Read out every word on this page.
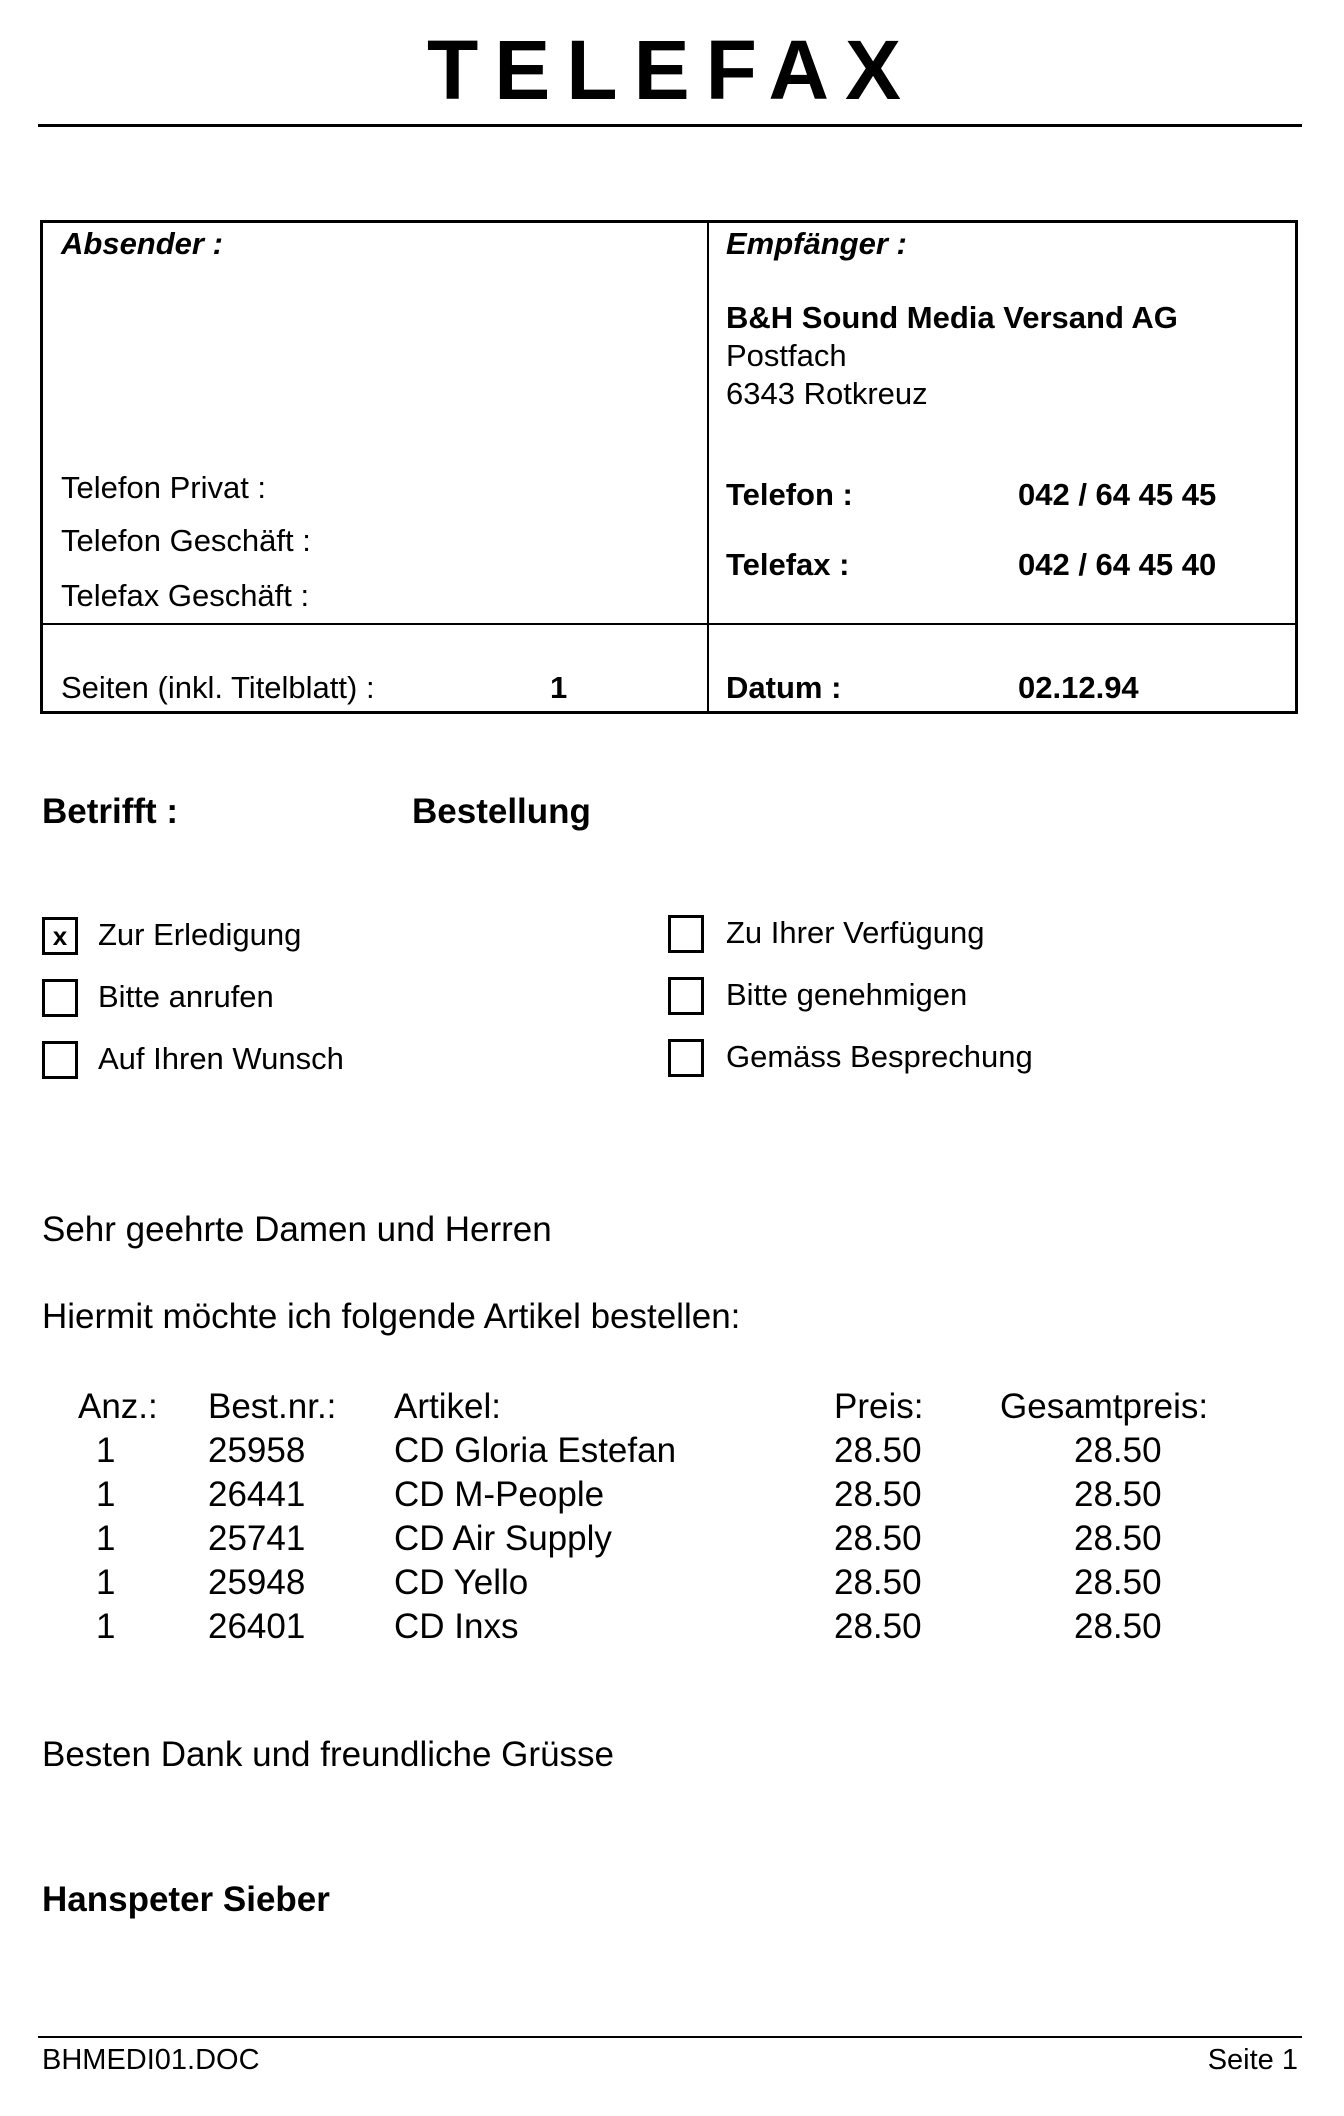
TELEFAX
Absender :	Empfänger :
B&H Sound Media Versand AG
Postfach
6343 Rotkreuz
Telefon Privat :
Telefon Geschäft :
Telefax Geschäft :
Telefon :	042 / 64 45 45
Telefax :	042 / 64 45 40
Seiten (inkl. Titelblatt) :	1	Datum :	02.12.94
Betrifft :	Bestellung
x Zur Erledigung
Bitte anrufen
Auf Ihren Wunsch
Zu Ihrer Verfügung
Bitte genehmigen
Gemäss Besprechung
Sehr geehrte Damen und Herren
Hiermit möchte ich folgende Artikel bestellen:
Anz.: Best.nr.: Artikel:	Preis: Gesamtpreis:
1	25958	CD Gloria Estefan	28.50	28.50
1	26441	CD M-People	28.50	28.50
1	25741	CD Air Supply	28.50	28.50
1	25948	CD Yello	28.50	28.50
1	26401	CD Inxs	28.50	28.50
Besten Dank und freundliche Grüsse
Hanspeter Sieber
BHMEDI01.DOC	Seite 1
